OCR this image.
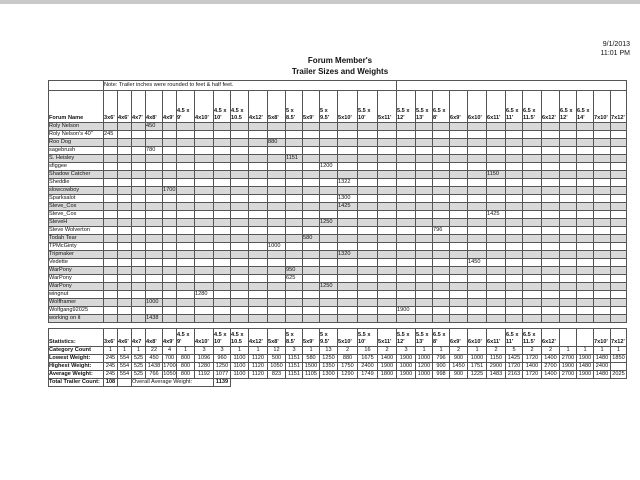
9/1/2013
11:01 PM
Forum Member's
Trailer Sizes and Weights
	Note: Trailer inches were rounded to feet & half feet.																													
Forum Name	3x6'	4x6'	4x7'	4x8'	4x9'	4.5 x
9'	4x10'	4.5 x
10'	4.5 x
10.5	4x12'	5x8'	5 x
8.5'	5x9'	5 x
9.5'	5x10'	5.5 x
10'	5x11'	5.5 x
12'	5.5 x
13'	6.5 x
8'	6x9'	6x10'	6x11'	6.5 x
11'	6.5 x
11.5'	6x12'	6.5 x
12'	6.5 x
14'	7x10'	7x12'
Roly Nelson				450																										
Roly Nelson's 40"	245																													
Roo Dog											880																			
sagebrush				780																										
S. Heisley												1151																		
sfiggee														1200																
Shadow Catcher																							1150							
Sheddie															1322															
slowcowboy					1700																									
Sparksalot															1300															
Steve_Cox															1425															
Steve_Cox																							1425							
SteveH														1250																
Steve Wolverton																				796										
Todah Tear													580																	
TPMcGinty											1000																			
Tripmaker															1320															
Vedette																						1450								
WarPony												950																		
WarPony												625																		
WarPony														1250																
wingnut							1280																							
Wolfframer				1000																										
Wolfgang92025																		1900												
working on it				1438																										

Statistics:	3x6'	4x6'	4x7	4x8'	4x9'	4.5 x
9'	4x10'	4.5 x
10'	4.5 x
10.5	4x12'	5x8'	5 x
8.5'	5x9'	5 x
9.5'	5x10'	5.5 x
10'	5x11'	5.5 x
12'	5.5 x
13'	6.5 x
8'	6x9'	6x10'	6x11'	6.5 x
11'	6.5 x
11.5'	6x12'			7x10'	7x12'
Category Count	1	1	1	22	4	1	3	3	1	1	12	3	1	13	2	16	2	3	1	1	2	1	2	5	2	2	1	1	1	1
Lowest Weight:	245	554	525	450	700	800	1096	960	1100	1120	500	1151	580	1250	880	1675	1400	1900	1000	796	900	1000	1150	1425	1720	1400	2700	1900	1480	1850
Highest Weight:	245	554	525	1438	1700	800	1280	1250	1100	1120	1050	1151	1500	1350	1750	2400	1900	1000	1200	900	1450	1751	2900	1720	1400	2700	1900	1480	2400	
Average Weight:	245	554	525	766	1050	800	1192	1077	1100	1120	823	1151	1105	1300	1290	1749	1800	1900	1000	998	900	1225	1483	2163	1720	1400	2700	1900	1480	2025
Total Trailer Count:	108		Overall Average Weight:					1139																						
